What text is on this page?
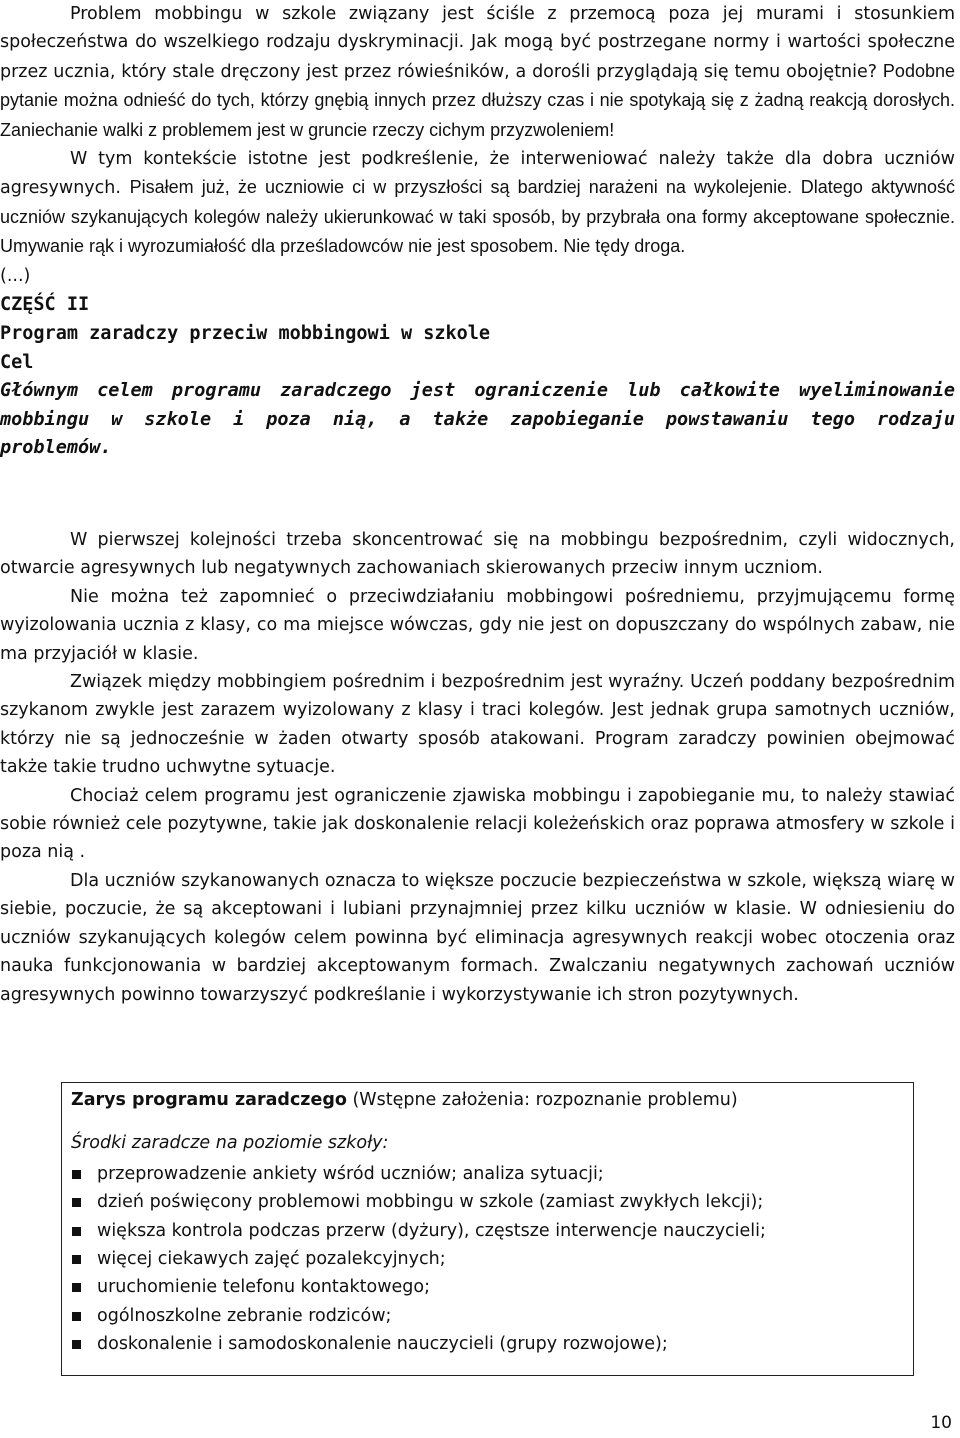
Problem mobbingu w szkole związany jest ściśle z przemocą poza jej murami i stosunkiem społeczeństwa do wszelkiego rodzaju dyskryminacji. Jak mogą być postrzegane normy i wartości społeczne przez ucznia, który stale dręczony jest przez rówieśników, a dorośli przyglądają się temu obojętnie? Podobne pytanie można odnieść do tych, którzy gnębią innych przez dłuższy czas i nie spotykają się z żadną reakcją dorosłych. Zaniechanie walki z problemem jest w gruncie rzeczy cichym przyzwoleniem!

W tym kontekście istotne jest podkreślenie, że interweniować należy także dla dobra uczniów agresywnych. Pisałem już, że uczniowie ci w przyszłości są bardziej narażeni na wykolejenie. Dlatego aktywność uczniów szykanujących kolegów należy ukierunkować w taki sposób, by przybrała ona formy akceptowane społecznie. Umywanie rąk i wyrozumiałość dla prześladowców nie jest sposobem. Nie tędy droga.

(...)

CZĘŚĆ II

Program zaradczy przeciw mobbingowi w szkole

Cel

Głównym celem programu zaradczego jest ograniczenie lub całkowite wyeliminowanie mobbingu w szkole i poza nią, a także zapobieganie powstawaniu tego rodzaju problemów.

W pierwszej kolejności trzeba skoncentrować się na mobbingu bezpośrednim, czyli widocznych, otwarcie agresywnych lub negatywnych zachowaniach skierowanych przeciw innym uczniom.

Nie można też zapomnieć o przeciwdziałaniu mobbingowi pośredniemu, przyjmującemu formę wyizolowania ucznia z klasy, co ma miejsce wówczas, gdy nie jest on dopuszczany do wspólnych zabaw, nie ma przyjaciół w klasie.

Związek między mobbingiem pośrednim i bezpośrednim jest wyraźny. Uczeń poddany bezpośrednim szykanom zwykle jest zarazem wyizolowany z klasy i traci kolegów. Jest jednak grupa samotnych uczniów, którzy nie są jednocześnie w żaden otwarty sposób atakowani. Program zaradczy powinien obejmować także takie trudno uchwytne sytuacje.

Chociaż celem programu jest ograniczenie zjawiska mobbingu i zapobieganie mu, to należy stawiać sobie również cele pozytywne, takie jak doskonalenie relacji koleżeńskich oraz poprawa atmosfery w szkole i poza nią .

Dla uczniów szykanowanych oznacza to większe poczucie bezpieczeństwa w szkole, większą wiarę w siebie, poczucie, że są akceptowani i lubiani przynajmniej przez kilku uczniów w klasie. W odniesieniu do uczniów szykanujących kolegów celem powinna być eliminacja agresywnych reakcji wobec otoczenia oraz nauka funkcjonowania w bardziej akceptowanym formach. Zwalczaniu negatywnych zachowań uczniów agresywnych powinno towarzyszyć podkreślanie i wykorzystywanie ich stron pozytywnych.

Zarys programu zaradczego (Wstępne założenia: rozpoznanie problemu)

Środki zaradcze na poziomie szkoły:

przeprowadzenie ankiety wśród uczniów; analiza sytuacji;
dzień poświęcony problemowi mobbingu w szkole (zamiast zwykłych lekcji);
większa kontrola podczas przerw (dyżury), częstsze interwencje nauczycieli;
więcej ciekawych zajęć pozalekcyjnych;
uruchomienie telefonu kontaktowego;
ogólnoszkolne zebranie rodziców;
doskonalenie i samodoskonalenie nauczycieli (grupy rozwojowe);
10
